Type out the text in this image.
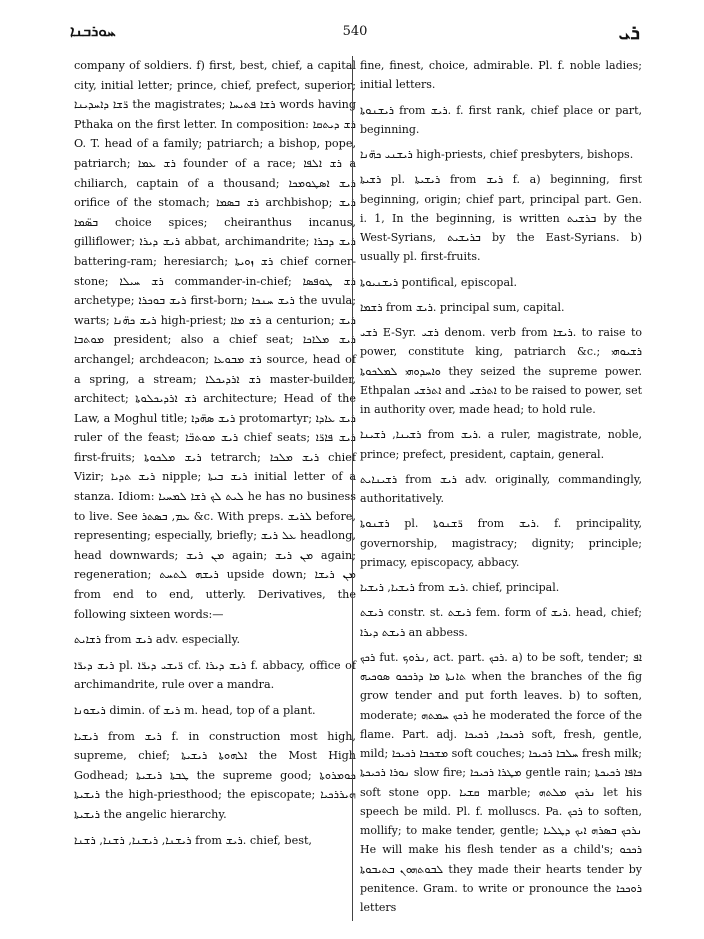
ܚܘܪܒܢܐ	540	ܪܝ

company of soldiers. f) first, best, chief, a capital city, initial letter; prince, chief, prefect, superior; ܪ̈ܫܐ ܕܐܚܕܝܢܐ the magistrates; ܪܫܐ ܦܬܝܚܐ words having Pthaka on the first letter. In composition: ܪܫ ܕܝܬܩܐ O. T. head of a family; patriarch; a bishop, pope, patriarch; ܪܫ ܥܡܐ founder of a race; ܪܫ ܐܠܦܐ a chiliarch, captain of a thousand; ܪܝܫ ܐܣܛܘܡܟܐ orifice of the stomach; ܪܫ ܒܣܡܐ archbishop; ܪܝܫ ܒܣ̈ܡܐ choice spices; cheiranthus incanus, gilliflower; ܪܝܫ ܕܝܪܐ abbat, archimandrite; ܪܝܫ ܕܒܪܐ battering-ram; heresiarch; ܪܫ ܙܘܝܬܐ chief corner-stone; ܪܫ ܚܝܠܐ commander-in-chief; ܪܫ ܛܘܦܣܐ archetype; ܪܝܫ ܒܘܟܪܐ first-born; ܪܝܫ ܚܢܟܐ the uvula; warts; ܪܝܫ ܟܗ̈ܢܐ high-priest; ܪܫ ܡܐܐ a centurion; ܪܝܫ ܡܘܬܒܐ president; also a chief seat; ܪܝܫ ܡܠܐܟܐ archangel; archdeacon; ܪܫ ܡܒܘܥܐ source, head of a spring, a stream; ܪܫ ܐܪܕܝܟܠܐ master-builder, architect; ܪܫ ܐܪܕܝܟܠܘܬܐ architecture; Head of the Law, a Moghul title; ܪܝܫ ܣܗ̈ܕܐ protomartyr; ܪܝܫ ܥܐܕܐ ruler of the feast; ܪܝܫ ܡܘܬܒ̈ܐ chief seats; ܪܝܫ ܦܐܪ̈ܐ first-fruits; ܪܝܫ ܡܠܟܘܬܐ tetrarch; ܪܝܫ ܡܠܟܐ chief Vizir; ܪܝܫ ܬܕܝܐ nipple; ܪܝܫ ܒܝܬܐ initial letter of a stanza. Idiom: ܠܝܬ ܠܟ ܪܫܐ ܠܡܚܝܐ he has no business to live. See ܥܡ, ܒܣܬܪ &c. With preps. ܠܪܝܫ before, representing; especially, briefly; ܥܠ ܪܝܫ headlong, head downwards; ܡܢ ܪܝܫ again; ܡܢ ܪܝܫ again; regeneration; ܪܝܫܗ ܠܬܚܬ upside down; ܡܢ ܪܝܫܐ from end to end, utterly. Derivatives, the following sixteen words:—

ܪܫܐܝܬ from ܪܝܫ adv. especially.

ܪܝܫ ܕܝܪ̈ܐ pl. ܪ̈ܝܫܝ ܕܝܪ̈ܐ cf. ܪܝܫ ܕܝܪܐ f. abbacy, office of archimandrite, rule over a mandra.

ܪܝܫܘܢܐ dimin. of ܪܝܫ m. head, top of a plant.

ܪܝܫܝܐ from ܪܝܫ f. in construction most high, supreme, chief; ܐܠܗܘܬܐ ܪܝܫܝܬܐ the Most High Godhead; ܛܒܬܐ ܪܝܫܝܬܐ the supreme good; ܟܘܡܪܘܬܐ ܪܝܫܝܬܐ the high-priesthood; the episcopate; ܗܝܪܪܟܝܐ ܪܝܫܝܬܐ the angelic hierarchy.

ܪܝܫܢܐ, ܪܝܫܢܐ, ܪܫܢܐ, ܪܫܢܐ from ܪܝܫ. chief, best,

fine, finest, choice, admirable. Pl. f. noble ladies; initial letters.

ܪܝܫܢܘܬܐ from ܪܝܫ. f. first rank, chief place or part, beginning.

ܪܝܫܢܝ ܟܗ̈ܢܐ high-priests, chief presbyters, bishops.

ܪܫܝܬܐ pl. ܪܝܫܝܬܐ from ܪܝܫ f. a) beginning, first beginning, origin; chief part, principal part. Gen. i. 1, In the beginning, is written ܒܪܫܝܬ by the West-Syrians, ܒܪܝܫܝܬ by the East-Syrians. b) usually pl. first-fruits.

ܪܝܫܢܝܘܬܐ pontifical, episcopal.

ܪܫܡܐ from ܪܝܫ. principal sum, capital.

ܪܫܝ E-Syr. ܪܫܝ denom. verb from ܪܝܫܐ. to raise to power, constitute king, patriarch &c.; ܪܫܝܘܗܝ ܘܐܚܕܘܗܝ ܠܡܠܟܘܬܐ they seized the supreme power. Ethpalan ܐܬܪܫܝ and ܐܬܪܫܝ to be raised to power, set in authority over, made head; to hold rule.

ܪܫܝܢܐ, ܪܫܝܢܐ from ܪܝܫ. a ruler, magistrate, noble, prince; prefect, president, captain, general.

ܪܫܝܢܐܝܬ from ܪܝܫ adv. originally, commandingly, authoritatively.

ܪܫܢܘܬܐ pl. ܪ̈ܫܢܘܬܐ from ܪܝܫ. f. principality, governorship, magistracy; dignity; principle; primacy, episcopacy, abbacy.

ܪܝܫܝܐ, ܪܝܫܝܐ from ܪܝܫ. chief, principal.

ܪܝܫܬ constr. st. ܪܝܫܬ fem. form of ܪܝܫ. head, chief; ܪܝܫܬ ܕܝܪܐ an abbess.

ܪܟܟ fut. ܢܪܘܟ, act. part. ܪܟܟ. a) to be soft, tender; ܐܦ ܬܐܢܬܐ ܡܐ ܕܪܟܟܘ ܣܘܟܝܗ when the branches of the fig grow tender and put forth leaves. b) to soften, moderate; ܪܟܟ ܚܡܬܗ he moderated the force of the flame. Part. adj. ܪܟܝܟܐ, ܪܟܝܟܐ soft, fresh, gentle, mild; ܡܫܟܒܐ ܪܟܝܟܐ soft couches; ܚܠܒܐ ܪܟܝܟܐ fresh milk; ܢܘܪܐ ܪܟܝܟܬܐ slow fire; ܡܛܪܐ ܪܟܝܟܐ gentle rain; ܟܐܦܐ ܪܟܝܟܬܐ soft stone opp. ܩܫܝܐ marble; ܢܪܟܟ ܡܠܬܗ let his speech be mild. Pl. f. molluscs. Pa. ܪܟܟ to soften, mollify; to make tender, gentle; ܢܪܟܟ ܒܣܪܗ ܐܝܟ ܕܛܠܝܐ He will make his flesh tender as a child's; ܪܟܟܘ ܠܒܘܬܗܘܢ ܒܬܝܒܘܬܐ they made their hearts tender by penitence. Gram. to write or pronounce the ܪܘܟܟܐ letters
